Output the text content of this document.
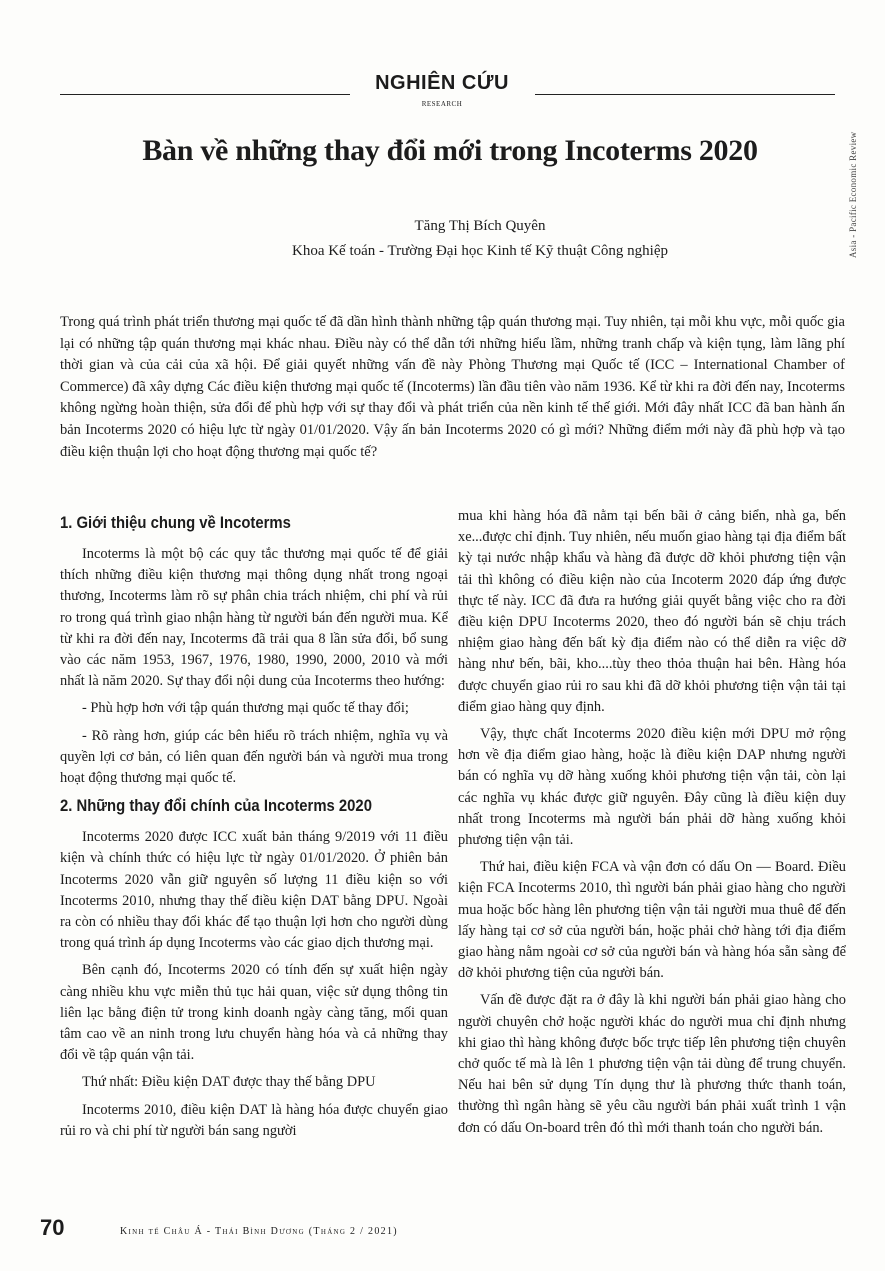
NGHIÊN CỨU
RESEARCH
Asia - Pacific Economic Review
Bàn về những thay đổi mới trong Incoterms 2020
Tăng Thị Bích Quyên
Khoa Kế toán - Trường Đại học Kinh tế Kỹ thuật Công nghiệp

Trong quá trình phát triển thương mại quốc tế đã dần hình thành những tập quán thương mại. Tuy nhiên, tại mỗi khu vực, mỗi quốc gia lại có những tập quán thương mại khác nhau. Điều này có thể dẫn tới những hiểu lầm, những tranh chấp và kiện tụng, làm lãng phí thời gian và của cải của xã hội. Để giải quyết những vấn đề này Phòng Thương mại Quốc tế (ICC – International Chamber of Commerce) đã xây dựng Các điều kiện thương mại quốc tế (Incoterms) lần đầu tiên vào năm 1936. Kể từ khi ra đời đến nay, Incoterms không ngừng hoàn thiện, sửa đổi để phù hợp với sự thay đổi và phát triển của nền kinh tế thế giới. Mới đây nhất ICC đã ban hành ấn bản Incoterms 2020 có hiệu lực từ ngày 01/01/2020. Vậy ấn bản Incoterms 2020 có gì mới? Những điểm mới này đã phù hợp và tạo điều kiện thuận lợi cho hoạt động thương mại quốc tế?

1. Giới thiệu chung về Incoterms

Incoterms là một bộ các quy tắc thương mại quốc tế để giải thích những điều kiện thương mại thông dụng nhất trong ngoại thương, Incoterms làm rõ sự phân chia trách nhiệm, chi phí và rủi ro trong quá trình giao nhận hàng từ người bán đến người mua. Kể từ khi ra đời đến nay, Incoterms đã trải qua 8 lần sửa đổi, bổ sung vào các năm 1953, 1967, 1976, 1980, 1990, 2000, 2010 và mới nhất là năm 2020. Sự thay đổi nội dung của Incoterms theo hướng:

- Phù hợp hơn với tập quán thương mại quốc tế thay đổi;

- Rõ ràng hơn, giúp các bên hiểu rõ trách nhiệm, nghĩa vụ và quyền lợi cơ bản, có liên quan đến người bán và người mua trong hoạt động thương mại quốc tế.

2. Những thay đổi chính của Incoterms 2020

Incoterms 2020 được ICC xuất bản tháng 9/2019 với 11 điều kiện và chính thức có hiệu lực từ ngày 01/01/2020. Ở phiên bản Incoterms 2020 vẫn giữ nguyên số lượng 11 điều kiện so với Incoterms 2010, nhưng thay thế điều kiện DAT bằng DPU. Ngoài ra còn có nhiều thay đổi khác để tạo thuận lợi hơn cho người dùng trong quá trình áp dụng Incoterms vào các giao dịch thương mại.

Bên cạnh đó, Incoterms 2020 có tính đến sự xuất hiện ngày càng nhiều khu vực miễn thủ tục hải quan, việc sử dụng thông tin liên lạc bằng điện tử trong kinh doanh ngày càng tăng, mối quan tâm cao về an ninh trong lưu chuyển hàng hóa và cả những thay đổi về tập quán vận tải.

Thứ nhất: Điều kiện DAT được thay thế bằng DPU

Incoterms 2010, điều kiện DAT là hàng hóa được chuyển giao rủi ro và chi phí từ người bán sang người

mua khi hàng hóa đã nằm tại bến bãi ở cảng biển, nhà ga, bến xe...được chỉ định. Tuy nhiên, nếu muốn giao hàng tại địa điểm bất kỳ tại nước nhập khẩu và hàng đã được dỡ khỏi phương tiện vận tải thì không có điều kiện nào của Incoterm 2020 đáp ứng được thực tế này. ICC đã đưa ra hướng giải quyết bằng việc cho ra đời điều kiện DPU Incoterms 2020, theo đó người bán sẽ chịu trách nhiệm giao hàng đến bất kỳ địa điểm nào có thể diễn ra việc dỡ hàng như bến, bãi, kho....tùy theo thỏa thuận hai bên. Hàng hóa được chuyển giao rủi ro sau khi đã dỡ khỏi phương tiện vận tải tại điểm giao hàng quy định.

Vậy, thực chất Incoterms 2020 điều kiện mới DPU mở rộng hơn về địa điểm giao hàng, hoặc là điều kiện DAP nhưng người bán có nghĩa vụ dỡ hàng xuống khỏi phương tiện vận tải, còn lại các nghĩa vụ khác được giữ nguyên. Đây cũng là điều kiện duy nhất trong Incoterms mà người bán phải dỡ hàng xuống khỏi phương tiện vận tải.

Thứ hai, điều kiện FCA và vận đơn có dấu On — Board. Điều kiện FCA Incoterms 2010, thì người bán phải giao hàng cho người mua hoặc bốc hàng lên phương tiện vận tải người mua thuê để đến lấy hàng tại cơ sở của người bán, hoặc phải chở hàng tới địa điểm giao hàng nằm ngoài cơ sở của người bán và hàng hóa sẵn sàng để dỡ khỏi phương tiện của người bán.

Vấn đề được đặt ra ở đây là khi người bán phải giao hàng cho người chuyên chở hoặc người khác do người mua chỉ định nhưng khi giao thì hàng không được bốc trực tiếp lên phương tiện chuyên chở quốc tế mà là lên 1 phương tiện vận tải dùng để trung chuyển. Nếu hai bên sử dụng Tín dụng thư là phương thức thanh toán, thường thì ngân hàng sẽ yêu cầu người bán phải xuất trình 1 vận đơn có dấu On-board trên đó thì mới thanh toán cho người bán.

70	Kinh tế Châu Á - Thái Bình Dương (Tháng 2 / 2021)
